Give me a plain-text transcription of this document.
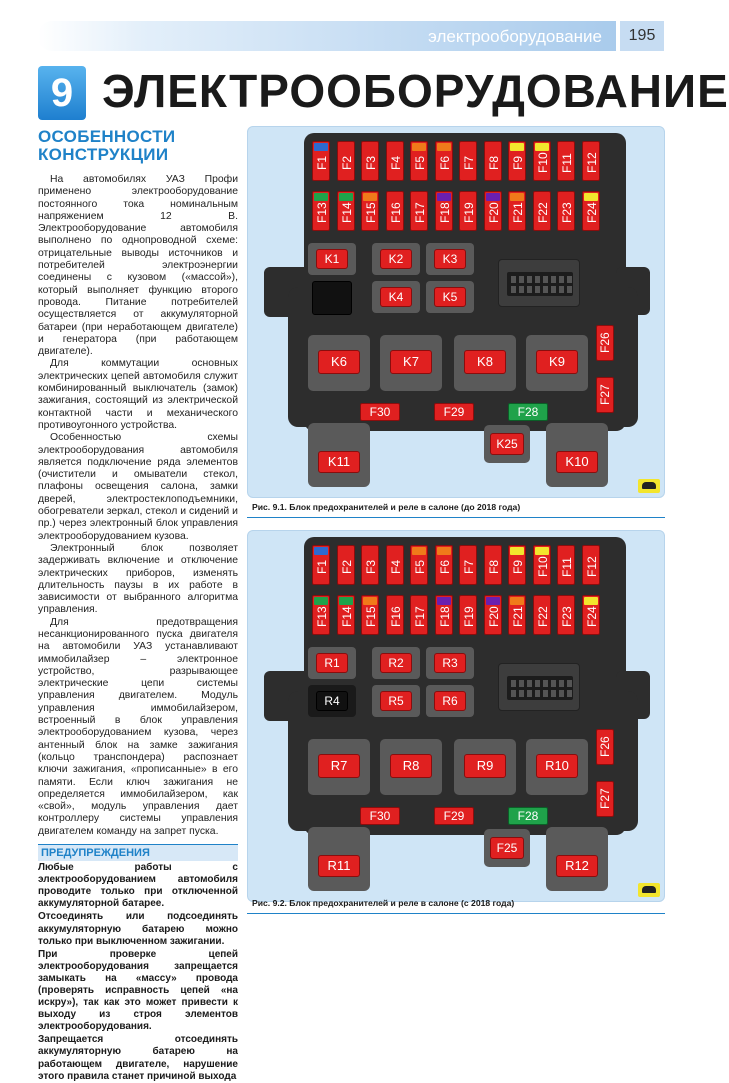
электрооборудование	195
9 ЭЛЕКТРООБОРУДОВАНИЕ
ОСОБЕННОСТИ
КОНСТРУКЦИИ

На автомобилях УАЗ Профи применено электрооборудование постоянного тока номинальным напряжением 12 В. Электрооборудование автомобиля выполнено по однопроводной схеме: отрицательные выводы источников и потребителей электроэнергии соединены с кузовом («массой»), который выполняет функцию второго провода. Питание потребителей осуществляется от аккумуляторной батареи (при неработающем двигателе) и генератора (при работающем двигателе).

Для коммутации основных электрических цепей автомобиля служит комбинированный выключатель (замок) зажигания, состоящий из электрической контактной части и механического противоугонного устройства.

Особенностью схемы электрооборудования автомобиля является подключение ряда элементов (очистители и омыватели стекол, плафоны освещения салона, замки дверей, электростеклоподъемники, обогреватели зеркал, стекол и сидений и пр.) через электронный блок управления электрооборудованием кузова.

Электронный блок позволяет задерживать включение и отключение электрических приборов, изменять длительность паузы в их работе в зависимости от выбранного алгоритма управления.

Для предотвращения несанкционированного пуска двигателя на автомобили УАЗ устанавливают иммобилайзер – электронное устройство, разрывающее электрические цепи системы управления двигателем. Модуль управления иммобилайзером, встроенный в блок управления электрооборудованием кузова, через антенный блок на замке зажигания (кольцо транспондера) распознает ключи зажигания, «прописанные» в его памяти. Если ключ зажигания не определяется иммобилайзером, как «свой», модуль управления дает контроллеру системы управления двигателем команду на запрет пуска.

ПРЕДУПРЕЖДЕНИЯ

Любые работы с электрооборудованием автомобиля проводите только при отключенной аккумуляторной батарее.

Отсоединять или подсоединять аккумуляторную батарею можно только при выключенном зажигании.

При проверке цепей электрооборудования запрещается замыкать на «массу» провода (проверять исправность цепей «на искру»), так как это может привести к выходу из строя элементов электрооборудования.

Запрещается отсоединять аккумуляторную батарею на работающем двигателе, нарушение этого правила станет причиной выхода

F1 F2 F3 F4 F5 F6 F7 F8 F9 F10 F11 F12
F13 F14 F15 F16 F17 F18 F19 F20 F21 F22 F23 F24
K1	K2	K3
K4	K5
K6	K7	K8	K9
F26
F27
F30	F29	F28
K11	K10
K25
Рис. 9.1. Блок предохранителей и реле в салоне (до 2018 года)
F1 F2 F3 F4 F5 F6 F7 F8 F9 F10 F11 F12
F13 F14 F15 F16 F17 F18 F19 F20 F21 F22 F23 F24
R1	R2	R3
R4	R5	R6
R7	R8	R9	R10
F26
F27
F30	F29	F28
R11	R12
F25
Рис. 9.2. Блок предохранителей и реле в салоне (с 2018 года)
